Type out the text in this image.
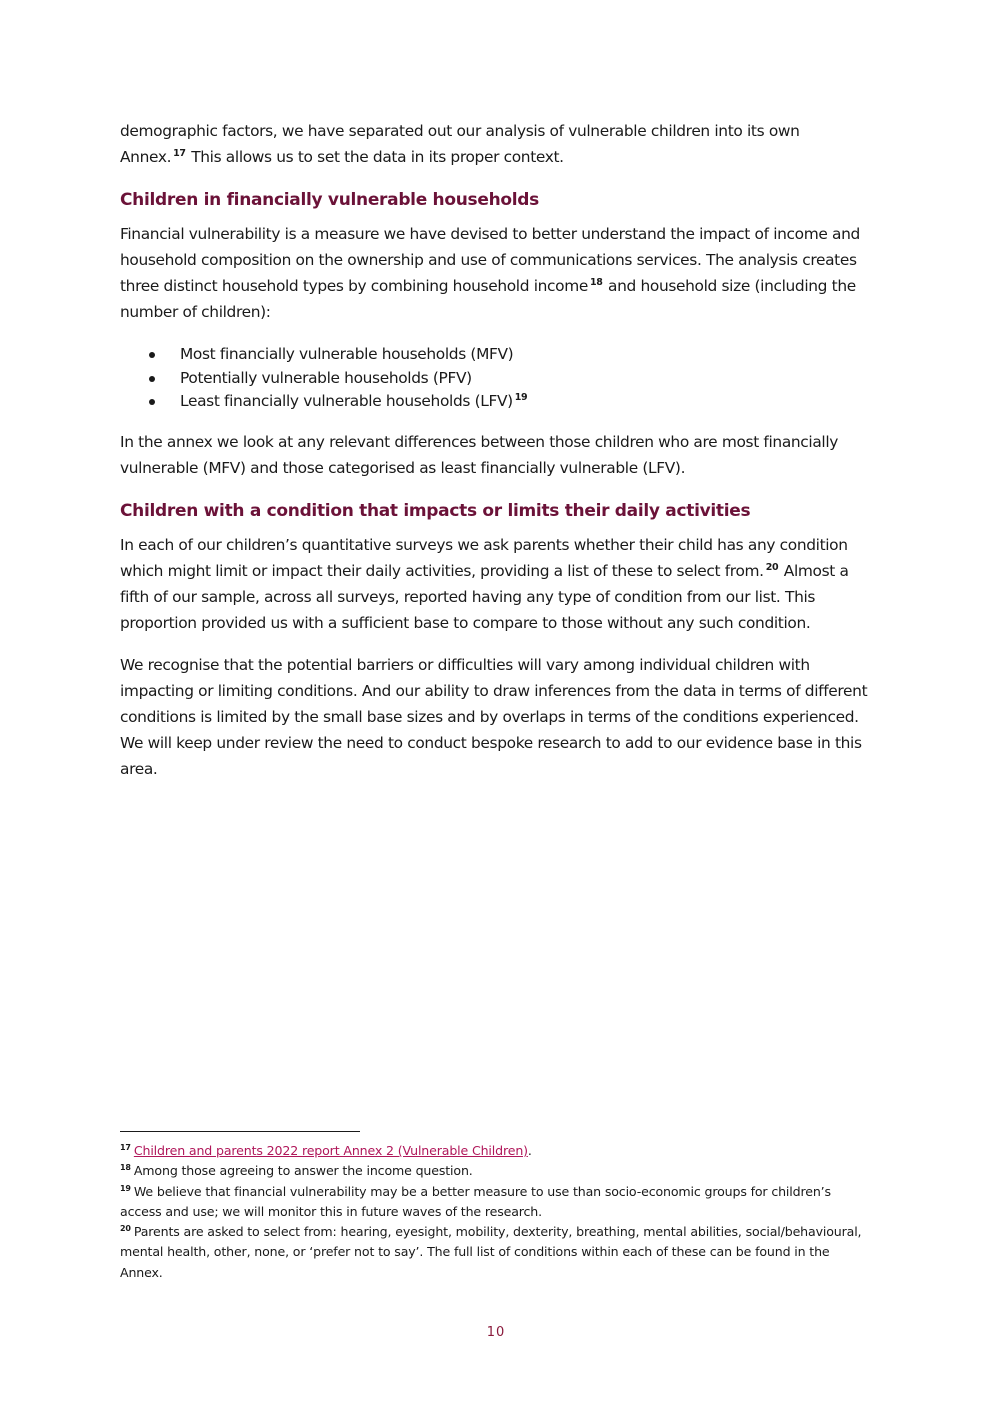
demographic factors, we have separated out our analysis of vulnerable children into its own Annex. $^{17}$ This allows us to set the data in its proper context.

Children in financially vulnerable households

Financial vulnerability is a measure we have devised to better understand the impact of income and household composition on the ownership and use of communications services. The analysis creates three distinct household types by combining household income $^{18}$ and household size (including the number of children):

Most financially vulnerable households (MFV)
Potentially vulnerable households (PFV)
Least financially vulnerable households (LFV) $^{19}$

In the annex we look at any relevant differences between those children who are most financially vulnerable (MFV) and those categorised as least financially vulnerable (LFV).

Children with a condition that impacts or limits their daily activities

In each of our children’s quantitative surveys we ask parents whether their child has any condition which might limit or impact their daily activities, providing a list of these to select from. $^{20}$ Almost a fifth of our sample, across all surveys, reported having any type of condition from our list. This proportion provided us with a sufficient base to compare to those without any such condition.

We recognise that the potential barriers or difficulties will vary among individual children with impacting or limiting conditions. And our ability to draw inferences from the data in terms of different conditions is limited by the small base sizes and by overlaps in terms of the conditions experienced. We will keep under review the need to conduct bespoke research to add to our evidence base in this area.

$^{17}$ Children and parents 2022 report Annex 2 (Vulnerable Children).

$^{18}$ Among those agreeing to answer the income question.

$^{19}$ We believe that financial vulnerability may be a better measure to use than socio-economic groups for children’s access and use; we will monitor this in future waves of the research.

$^{20}$ Parents are asked to select from: hearing, eyesight, mobility, dexterity, breathing, mental abilities, social/behavioural, mental health, other, none, or ‘prefer not to say’. The full list of conditions within each of these can be found in the Annex.

10
